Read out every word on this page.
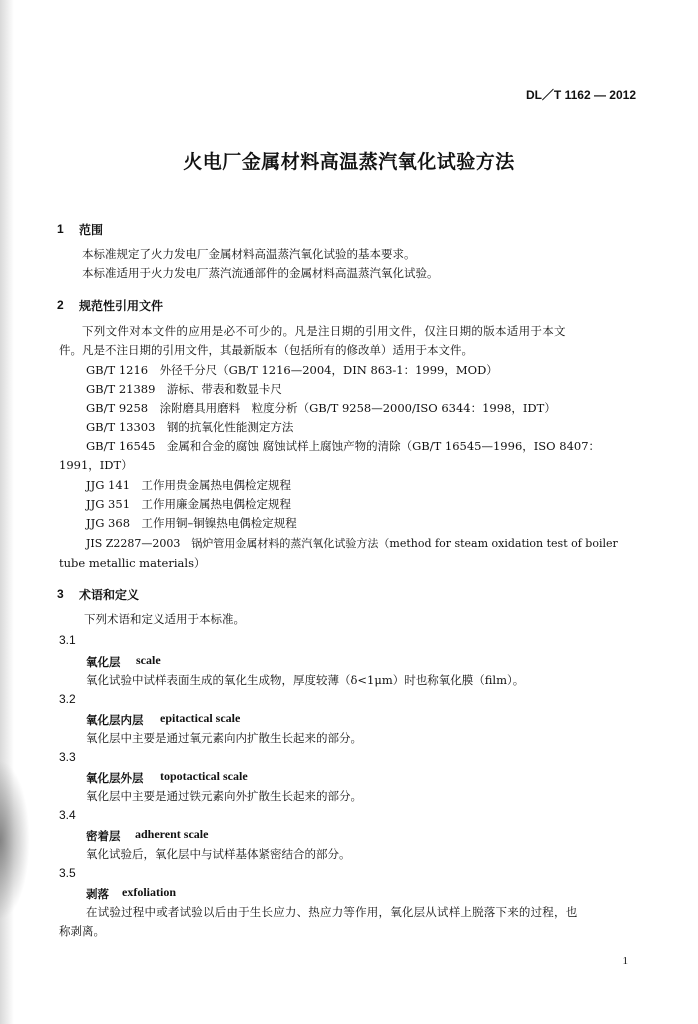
DL／T 1162 — 2012
火电厂金属材料高温蒸汽氧化试验方法
1 范围
本标准规定了火力发电厂金属材料高温蒸汽氧化试验的基本要求。
本标准适用于火力发电厂蒸汽流通部件的金属材料高温蒸汽氧化试验。
2 规范性引用文件
下列文件对本文件的应用是必不可少的。凡是注日期的引用文件，仅注日期的版本适用于本文
件。凡是不注日期的引用文件，其最新版本（包括所有的修改单）适用于本文件。
GB/T 1216　外径千分尺（GB/T 1216—2004，DIN 863-1：1999，MOD）
GB/T 21389　游标、带表和数显卡尺
GB/T 9258　涂附磨具用磨料　粒度分析（GB/T 9258—2000/ISO 6344：1998，IDT）
GB/T 13303　钢的抗氧化性能测定方法
GB/T 16545　金属和合金的腐蚀 腐蚀试样上腐蚀产物的清除（GB/T 16545—1996，ISO 8407：
1991，IDT）
JJG 141　工作用贵金属热电偶检定规程
JJG 351　工作用廉金属热电偶检定规程
JJG 368　工作用铜–铜镍热电偶检定规程
JIS Z2287—2003　锅炉管用金属材料的蒸汽氧化试验方法（method for steam oxidation test of boiler
tube metallic materials）
3 术语和定义
下列术语和定义适用于本标准。
3.1
氧化层 scale
氧化试验中试样表面生成的氧化生成物，厚度较薄（δ<1μm）时也称氧化膜（film）。
3.2
氧化层内层 epitactical scale
氧化层中主要是通过氧元素向内扩散生长起来的部分。
3.3
氧化层外层 topotactical scale
氧化层中主要是通过铁元素向外扩散生长起来的部分。
3.4
密着层 adherent scale
氧化试验后，氧化层中与试样基体紧密结合的部分。
3.5
剥落 exfoliation
在试验过程中或者试验以后由于生长应力、热应力等作用，氧化层从试样上脱落下来的过程，也
称剥离。
1
